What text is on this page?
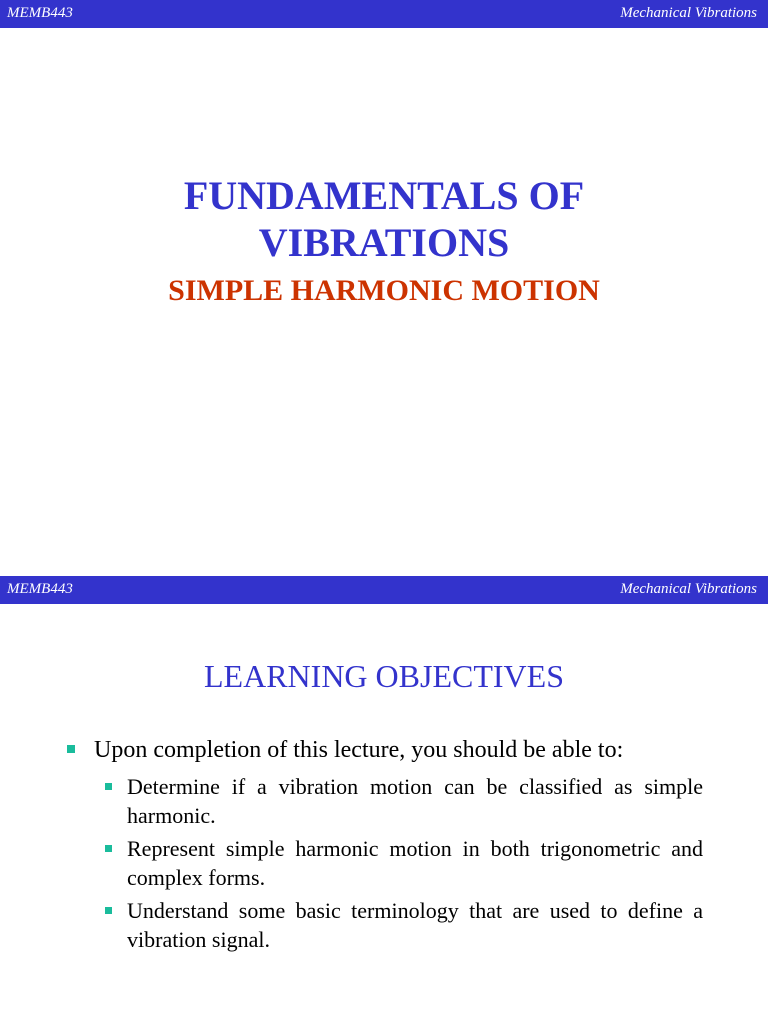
MEMB443	Mechanical Vibrations
FUNDAMENTALS OF
VIBRATIONS
SIMPLE HARMONIC MOTION
MEMB443	Mechanical Vibrations
LEARNING OBJECTIVES
Upon completion of this lecture, you should be able to:
Determine if a vibration motion can be classified as simple harmonic.
Represent simple harmonic motion in both trigonometric and complex forms.
Understand some basic terminology that are used to define a vibration signal.
